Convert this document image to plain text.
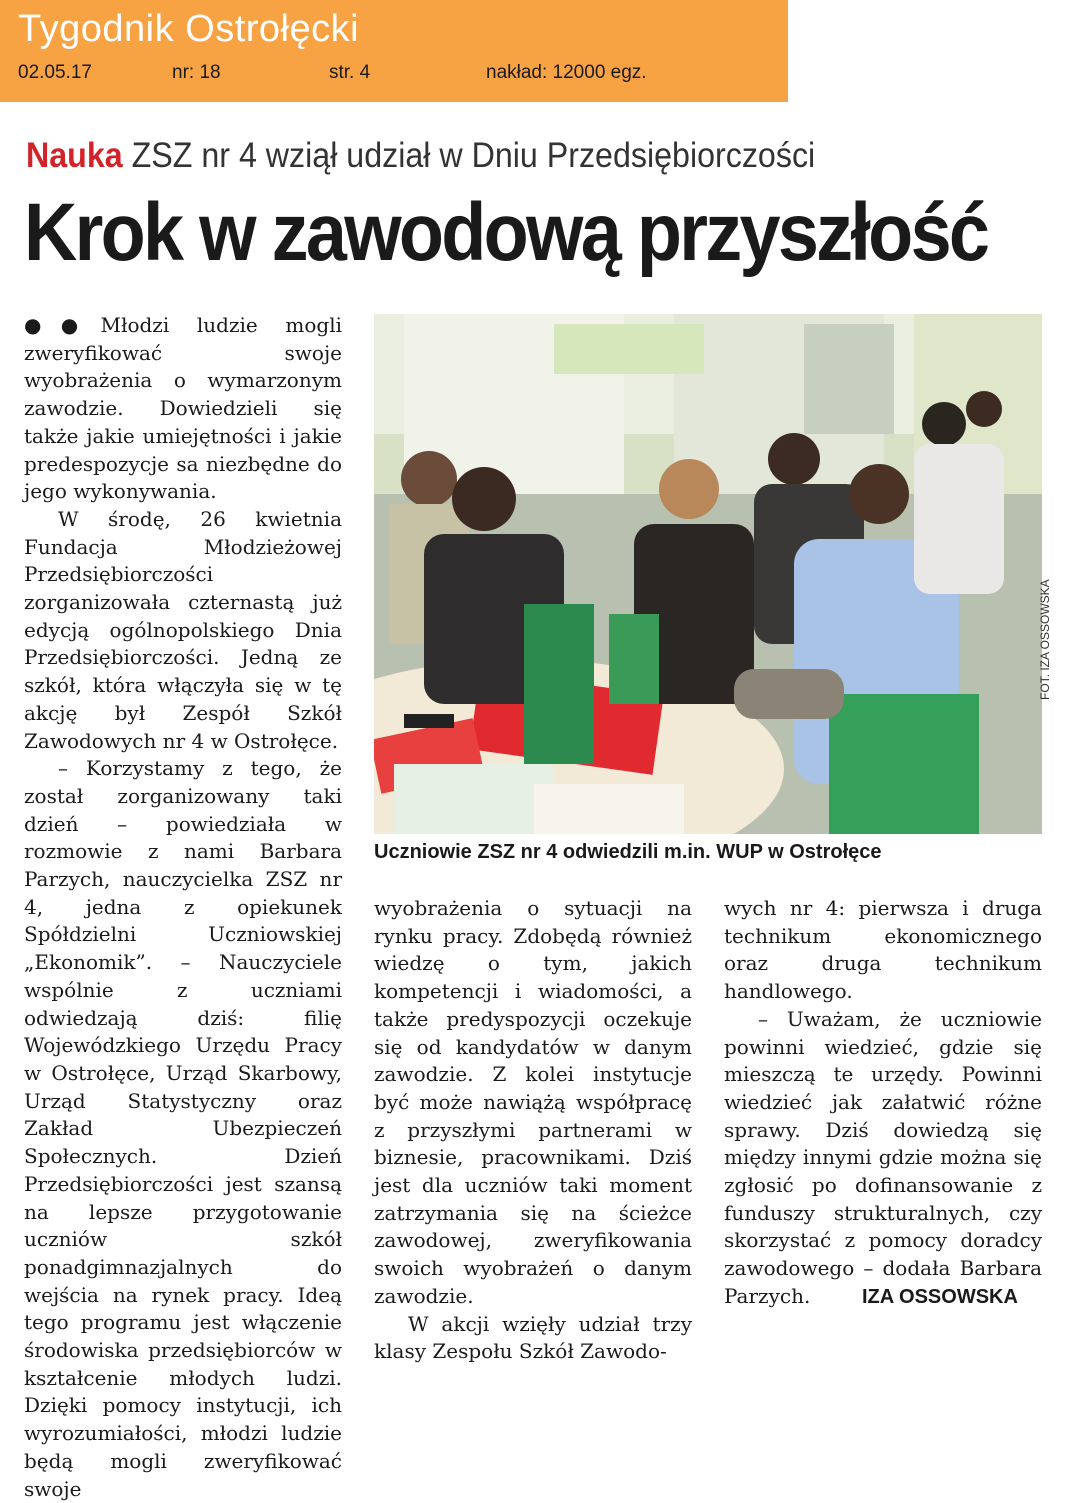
Tygodnik Ostrołęcki
02.05.17	nr: 18	str. 4	nakład: 12000 egz.
Nauka ZSZ nr 4 wziął udział w Dniu Przedsiębiorczości
Krok w zawodową przyszłość

●● Młodzi ludzie mogli zweryfikować swoje wyobrażenia o wymarzonym zawodzie. Dowiedzieli się także jakie umiejętności i jakie predespozycje sa niezbędne do jego wykonywania.

W środę, 26 kwietnia Fundacja Młodzieżowej Przedsiębiorczości zorganizowała czternastą już edycją ogólnopolskiego Dnia Przedsiębiorczości. Jedną ze szkół, która włączyła się w tę akcję był Zespół Szkół Zawodowych nr 4 w Ostrołęce.

– Korzystamy z tego, że został zorganizowany taki dzień – powiedziała w rozmowie z nami Barbara Parzych, nauczycielka ZSZ nr 4, jedna z opiekunek Spółdzielni Uczniowskiej „Ekonomik”. – Nauczyciele wspólnie z uczniami odwiedzają dziś: filię Wojewódzkiego Urzędu Pracy w Ostrołęce, Urząd Skarbowy, Urząd Statystyczny oraz Zakład Ubezpieczeń Społecznych. Dzień Przedsiębiorczości jest szansą na lepsze przygotowanie uczniów szkół ponadgimnazjalnych do wejścia na rynek pracy. Ideą tego programu jest włączenie środowiska przedsiębiorców w kształcenie młodych ludzi. Dzięki pomocy instytucji, ich wyrozumiałości, młodzi ludzie będą mogli zweryfikować swoje

FOT. IZA OSSOWSKA
Uczniowie ZSZ nr 4 odwiedzili m.in. WUP w Ostrołęce

wyobrażenia o sytuacji na rynku pracy. Zdobędą również wiedzę o tym, jakich kompetencji i wiadomości, a także predyspozycji oczekuje się od kandydatów w danym zawodzie. Z kolei instytucje być może nawiążą współpracę z przyszłymi partnerami w biznesie, pracownikami. Dziś jest dla uczniów taki moment zatrzymania się na ścieżce zawodowej, zweryfikowania swoich wyobrażeń o danym zawodzie.

W akcji wzięły udział trzy klasy Zespołu Szkół Zawodo-

wych nr 4: pierwsza i druga technikum ekonomicznego oraz druga technikum handlowego.

– Uważam, że uczniowie powinni wiedzieć, gdzie się mieszczą te urzędy. Powinni wiedzieć jak załatwić różne sprawy. Dziś dowiedzą się między innymi gdzie można się zgłosić po dofinansowanie z funduszy strukturalnych, czy skorzystać z pomocy doradcy zawodowego – dodała Barbara Parzych.	IZA OSSOWSKA
